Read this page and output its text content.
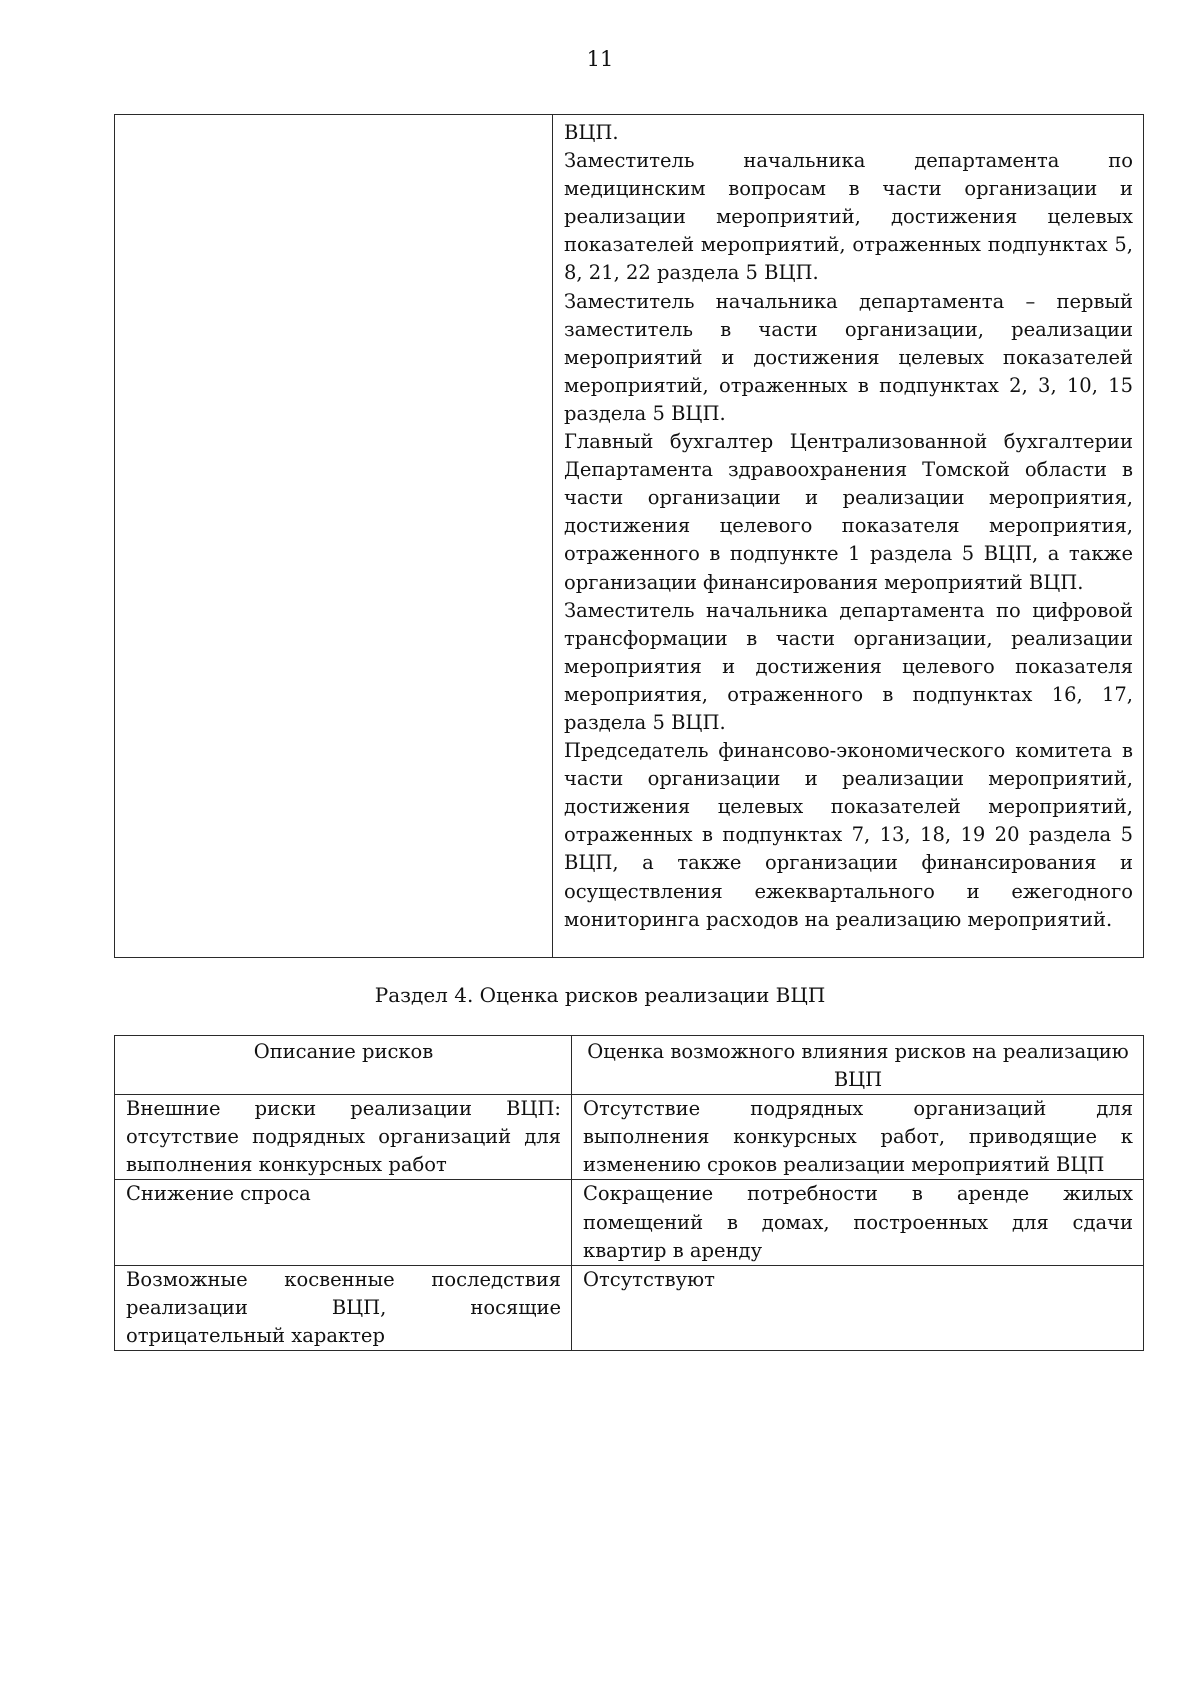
11

ВЦП.

Заместитель начальника департамента по медицинским вопросам в части организации и реализации мероприятий, достижения целевых показателей мероприятий, отраженных подпунктах 5, 8, 21, 22 раздела 5 ВЦП.

Заместитель начальника департамента – первый заместитель в части организации, реализации мероприятий и достижения целевых показателей мероприятий, отраженных в подпунктах 2, 3, 10, 15 раздела 5 ВЦП.

Главный бухгалтер Централизованной бухгалтерии Департамента здравоохранения Томской области в части организации и реализации мероприятия, достижения целевого показателя мероприятия, отраженного в подпункте 1 раздела 5 ВЦП, а также организации финансирования мероприятий ВЦП.

Заместитель начальника департамента по цифровой трансформации в части организации, реализации мероприятия и достижения целевого показателя мероприятия, отраженного в подпунктах 16, 17, раздела 5 ВЦП.

Председатель финансово-экономического комитета в части организации и реализации мероприятий, достижения целевых показателей мероприятий, отраженных в подпунктах 7, 13, 18, 19 20 раздела 5 ВЦП, а также организации финансирования и осуществления ежеквартального и ежегодного мониторинга расходов на реализацию мероприятий.

Раздел 4. Оценка рисков реализации ВЦП
Описание рисков	Оценка возможного влияния рисков на реализацию ВЦП
Внешние риски реализации ВЦП: отсутствие подрядных организаций для выполнения конкурсных работ	Отсутствие подрядных организаций для выполнения конкурсных работ, приводящие к изменению сроков реализации мероприятий ВЦП
Снижение спроса	Сокращение потребности в аренде жилых помещений в домах, построенных для сдачи квартир в аренду
Возможные косвенные последствия реализации ВЦП, носящие отрицательный характер	Отсутствуют
